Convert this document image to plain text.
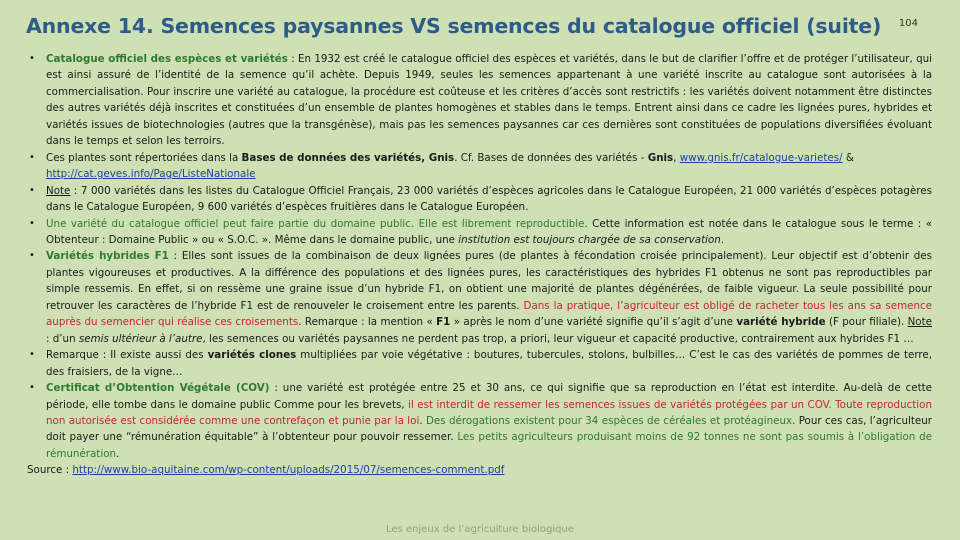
Annexe 14. Semences paysannes VS semences du catalogue officiel (suite) 104
• Catalogue officiel des espèces et variétés : En 1932 est créé le catalogue officiel des espèces et variétés, dans le but de clarifier l’offre et de protéger l’utilisateur, qui est ainsi assuré de l’identité de la semence qu’il achète. Depuis 1949, seules les semences appartenant à une variété inscrite au catalogue sont autorisées à la commercialisation. Pour inscrire une variété au catalogue, la procédure est coûteuse et les critères d’accès sont restrictifs : les variétés doivent notamment être distinctes des autres variétés déjà inscrites et constituées d’un ensemble de plantes homogènes et stables dans le temps. Entrent ainsi dans ce cadre les lignées pures, hybrides et variétés issues de biotechnologies (autres que la transgénèse), mais pas les semences paysannes car ces dernières sont constituées de populations diversifiées évoluant dans le temps et selon les terroirs.
• Ces plantes sont répertoriées dans la Bases de données des variétés, Gnis. Cf. Bases de données des variétés - Gnis, www.gnis.fr/catalogue-varietes/ &
http://cat.geves.info/Page/ListeNationale
• Note : 7 000 variétés dans les listes du Catalogue Officiel Français, 23 000 variétés d’espèces agricoles dans le Catalogue Européen, 21 000 variétés d’espèces potagères dans le Catalogue Européen, 9 600 variétés d’espèces fruitières dans le Catalogue Européen.
• Une variété du catalogue officiel peut faire partie du domaine public. Elle est librement reproductible. Cette information est notée dans le catalogue sous le terme : « Obtenteur : Domaine Public » ou « S.O.C. ». Même dans le domaine public, une institution est toujours chargée de sa conservation.
• Variétés hybrides F1 : Elles sont issues de la combinaison de deux lignées pures (de plantes à fécondation croisée principalement). Leur objectif est d’obtenir des plantes vigoureuses et productives. A la différence des populations et des lignées pures, les caractéristiques des hybrides F1 obtenus ne sont pas reproductibles par simple ressemis. En effet, si on ressème une graine issue d’un hybride F1, on obtient une majorité de plantes dégénérées, de faible vigueur. La seule possibilité pour retrouver les caractères de l’hybride F1 est de renouveler le croisement entre les parents. Dans la pratique, l’agriculteur est obligé de racheter tous les ans sa semence auprès du semencier qui réalise ces croisements. Remarque : la mention « F1 » après le nom d’une variété signifie qu’il s’agit d’une variété hybride (F pour filiale). Note : d’un semis ultérieur à l’autre, les semences ou variétés paysannes ne perdent pas trop, a priori, leur vigueur et capacité productive, contrairement aux hybrides F1 …
• Remarque : Il existe aussi des variétés clones multipliées par voie végétative : boutures, tubercules, stolons, bulbilles… C’est le cas des variétés de pommes de terre, des fraisiers, de la vigne…
• Certificat d’Obtention Végétale (COV) : une variété est protégée entre 25 et 30 ans, ce qui signifie que sa reproduction en l’état est interdite. Au-delà de cette période, elle tombe dans le domaine public Comme pour les brevets, il est interdit de ressemer les semences issues de variétés protégées par un COV. Toute reproduction non autorisée est considérée comme une contrefaçon et punie par la loi. Des dérogations existent pour 34 espèces de céréales et protéagineux. Pour ces cas, l’agriculteur doit payer une “rémunération équitable” à l’obtenteur pour pouvoir ressemer. Les petits agriculteurs produisant moins de 92 tonnes ne sont pas soumis à l’obligation de rémunération.
Source : http://www.bio-aquitaine.com/wp-content/uploads/2015/07/semences-comment.pdf
Les enjeux de l’agriculture biologique
